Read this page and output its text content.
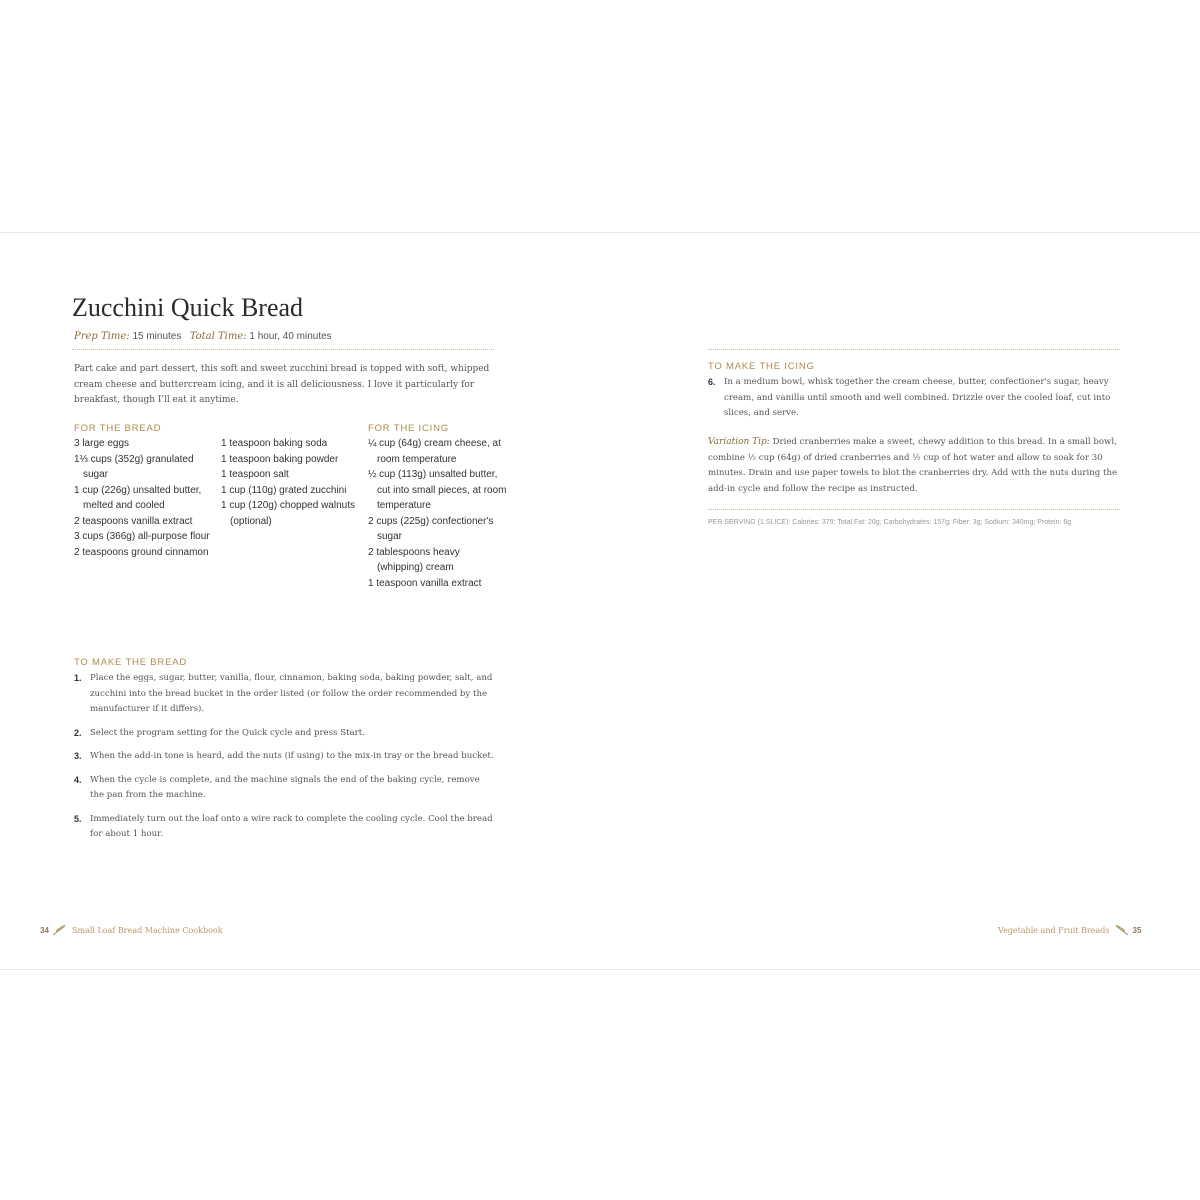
Zucchini Quick Bread
Prep Time: 15 minutes Total Time: 1 hour, 40 minutes

Part cake and part dessert, this soft and sweet zucchini bread is topped with soft, whipped cream cheese and buttercream icing, and it is all deliciousness. I love it particularly for breakfast, though I'll eat it anytime.

FOR THE BREAD
3 large eggs
1⅓ cups (352g) granulated sugar
1 cup (226g) unsalted butter, melted and cooled
2 teaspoons vanilla extract
3 cups (366g) all-purpose flour
2 teaspoons ground cinnamon
1 teaspoon baking soda
1 teaspoon baking powder
1 teaspoon salt
1 cup (110g) grated zucchini
1 cup (120g) chopped walnuts (optional)
FOR THE ICING
¼ cup (64g) cream cheese, at room temperature
½ cup (113g) unsalted butter, cut into small pieces, at room temperature
2 cups (225g) confectioner's sugar
2 tablespoons heavy (whipping) cream
1 teaspoon vanilla extract
TO MAKE THE BREAD
1. Place the eggs, sugar, butter, vanilla, flour, cinnamon, baking soda, baking powder, salt, and zucchini into the bread bucket in the order listed (or follow the order recommended by the manufacturer if it differs).
2. Select the program setting for the Quick cycle and press Start.
3. When the add-in tone is heard, add the nuts (if using) to the mix-in tray or the bread bucket.
4. When the cycle is complete, and the machine signals the end of the baking cycle, remove the pan from the machine.
5. Immediately turn out the loaf onto a wire rack to complete the cooling cycle. Cool the bread for about 1 hour.
34	Small Loaf Bread Machine Cookbook
TO MAKE THE ICING
6. In a medium bowl, whisk together the cream cheese, butter, confectioner's sugar, heavy cream, and vanilla until smooth and well combined. Drizzle over the cooled loaf, cut into slices, and serve.
Vegetable and Fruit Breads	35

Variation Tip: Dried cranberries make a sweet, chewy addition to this bread. In a small bowl, combine ½ cup (64g) of dried cranberries and ½ cup of hot water and allow to soak for 30 minutes. Drain and use paper towels to blot the cranberries dry. Add with the nuts during the add-in cycle and follow the recipe as instructed.

PER SERVING (1 SLICE): Calories: 379; Total Fat: 20g; Carbohydrates: 157g; Fiber: 3g; Sodium: 340mg; Protein: 6g
